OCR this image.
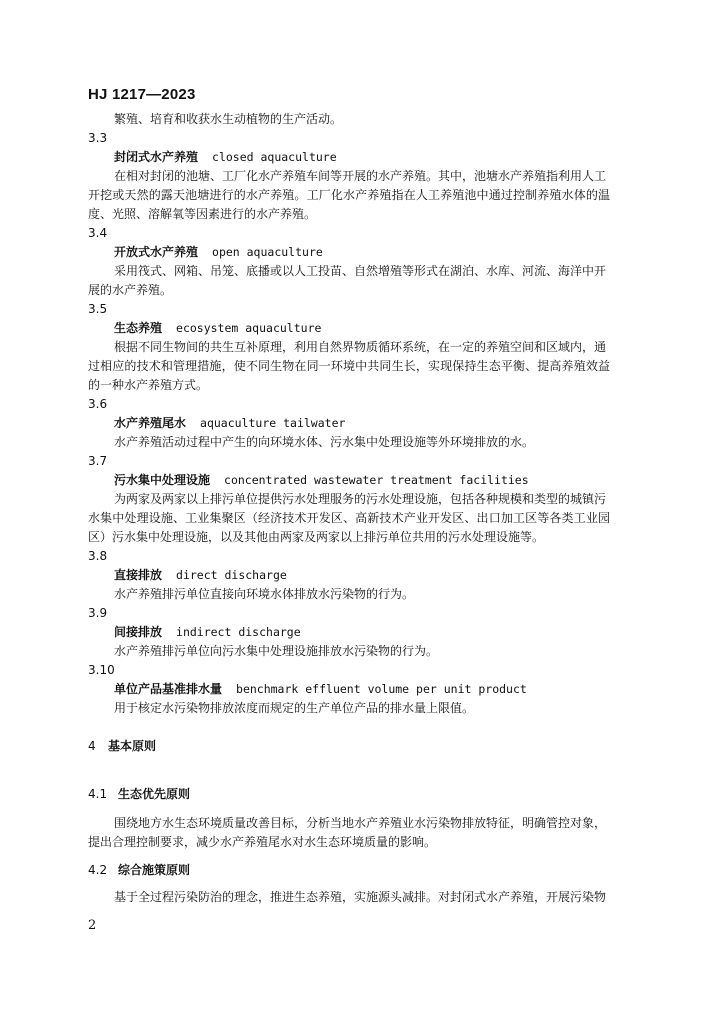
HJ 1217—2023
繁殖、培育和收获水生动植物的生产活动。
3.3
封闭式水产养殖 closed aquaculture
在相对封闭的池塘、工厂化水产养殖车间等开展的水产养殖。其中，池塘水产养殖指利用人工
开挖或天然的露天池塘进行的水产养殖。工厂化水产养殖指在人工养殖池中通过控制养殖水体的温
度、光照、溶解氧等因素进行的水产养殖。
3.4
开放式水产养殖 open aquaculture
采用筏式、网箱、吊笼、底播或以人工投苗、自然增殖等形式在湖泊、水库、河流、海洋中开
展的水产养殖。
3.5
生态养殖 ecosystem aquaculture
根据不同生物间的共生互补原理，利用自然界物质循环系统，在一定的养殖空间和区域内，通
过相应的技术和管理措施，使不同生物在同一环境中共同生长，实现保持生态平衡、提高养殖效益
的一种水产养殖方式。
3.6
水产养殖尾水 aquaculture tailwater
水产养殖活动过程中产生的向环境水体、污水集中处理设施等外环境排放的水。
3.7
污水集中处理设施 concentrated wastewater treatment facilities
为两家及两家以上排污单位提供污水处理服务的污水处理设施，包括各种规模和类型的城镇污
水集中处理设施、工业集聚区（经济技术开发区、高新技术产业开发区、出口加工区等各类工业园
区）污水集中处理设施，以及其他由两家及两家以上排污单位共用的污水处理设施等。
3.8
直接排放 direct discharge
水产养殖排污单位直接向环境水体排放水污染物的行为。
3.9
间接排放 indirect discharge
水产养殖排污单位向污水集中处理设施排放水污染物的行为。
3.10
单位产品基准排水量 benchmark effluent volume per unit product
用于核定水污染物排放浓度而规定的生产单位产品的排水量上限值。
4 基本原则
4.1 生态优先原则
围绕地方水生态环境质量改善目标，分析当地水产养殖业水污染物排放特征，明确管控对象，
提出合理控制要求，减少水产养殖尾水对水生态环境质量的影响。
4.2 综合施策原则
基于全过程污染防治的理念，推进生态养殖，实施源头减排。对封闭式水产养殖，开展污染物
2
